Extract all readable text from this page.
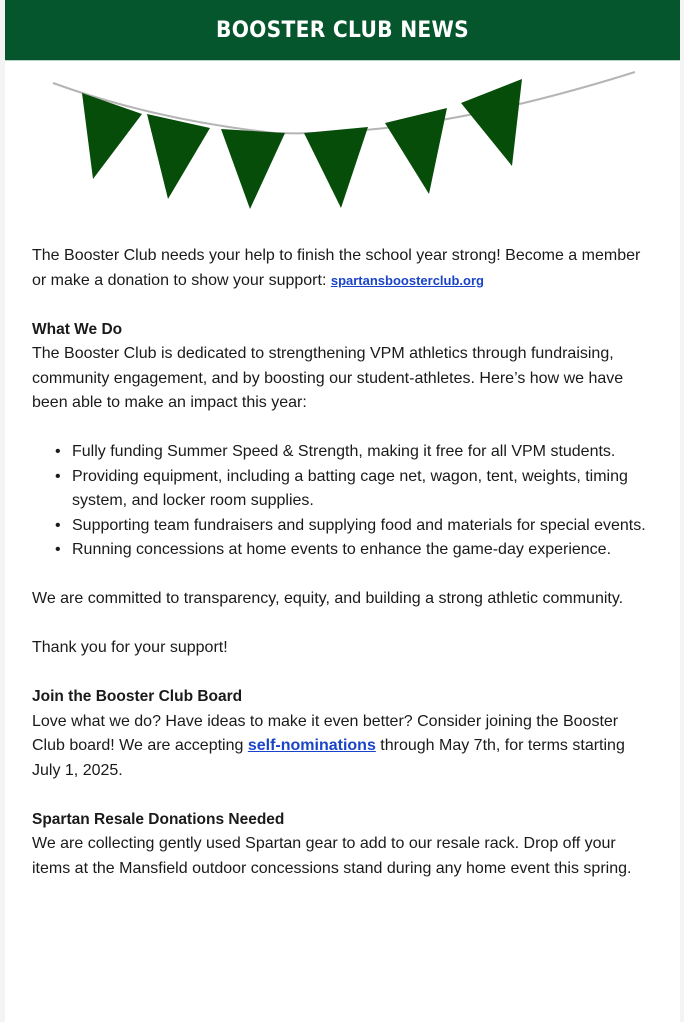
BOOSTER CLUB NEWS

The Booster Club needs your help to finish the school year strong! Become a member or make a donation to show your support: spartansboosterclub.org

What We Do

The Booster Club is dedicated to strengthening VPM athletics through fundraising, community engagement, and by boosting our student-athletes. Here’s how we have been able to make an impact this year:

• Fully funding Summer Speed & Strength, making it free for all VPM students.
• Providing equipment, including a batting cage net, wagon, tent, weights, timing system, and locker room supplies.
• Supporting team fundraisers and supplying food and materials for special events.
• Running concessions at home events to enhance the game-day experience.

We are committed to transparency, equity, and building a strong athletic community.

Thank you for your support!

Join the Booster Club Board

Love what we do? Have ideas to make it even better? Consider joining the Booster Club board! We are accepting self-nominations through May 7th, for terms starting July 1, 2025.

Spartan Resale Donations Needed

We are collecting gently used Spartan gear to add to our resale rack. Drop off your items at the Mansfield outdoor concessions stand during any home event this spring.
